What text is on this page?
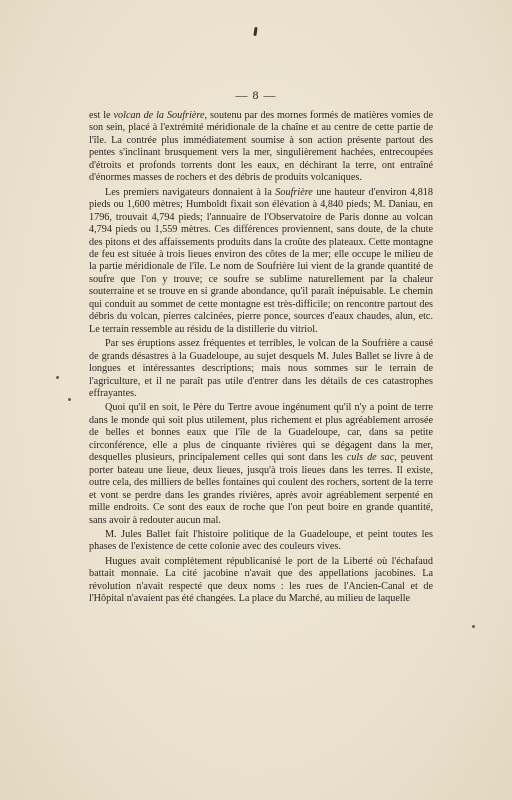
— 8 —

est le volcan de la Soufrière, soutenu par des mornes formés de matières vomies de son sein, placé à l'extrémité méridionale de la chaîne et au centre de cette partie de l'île. La contrée plus immédiatement soumise à son action présente partout des pentes s'inclinant brusquement vers la mer, singulièrement hachées, entrecoupées d'étroits et profonds torrents dont les eaux, en déchirant la terre, ont entraîné d'énormes masses de rochers et des débris de produits volcaniques.

Les premiers navigateurs donnaient à la Soufrière une hauteur d'environ 4,818 pieds ou 1,600 mètres; Humboldt fixait son élévation à 4,840 pieds; M. Daniau, en 1796, trouvait 4,794 pieds; l'annuaire de l'Observatoire de Paris donne au volcan 4,794 pieds ou 1,559 mètres. Ces différences proviennent, sans doute, de la chute des pitons et des affaissements produits dans la croûte des plateaux. Cette montagne de feu est située à trois lieues environ des côtes de la mer; elle occupe le milieu de la partie méridionale de l'île. Le nom de Soufrière lui vient de la grande quantité de soufre que l'on y trouve; ce soufre se sublime naturellement par la chaleur souterraine et se trouve en si grande abondance, qu'il paraît inépuisable. Le chemin qui conduit au sommet de cette montagne est très-difficile; on rencontre partout des débris du volcan, pierres calcinées, pierre ponce, sources d'eaux chaudes, alun, etc. Le terrain ressemble au résidu de la distillerie du vitriol.

Par ses éruptions assez fréquentes et terribles, le volcan de la Soufrière a causé de grands désastres à la Guadeloupe, au sujet desquels M. Jules Ballet se livre à de longues et intéressantes descriptions; mais nous sommes sur le terrain de l'agriculture, et il ne paraît pas utile d'entrer dans les détails de ces catastrophes effrayantes.

Quoi qu'il en soit, le Père du Tertre avoue ingénument qu'il n'y a point de terre dans le monde qui soit plus utilement, plus richement et plus agréablement arrosée de belles et bonnes eaux que l'île de la Guadeloupe, car, dans sa petite circonférence, elle a plus de cinquante rivières qui se dégagent dans la mer, desquelles plusieurs, principalement celles qui sont dans les culs de sac, peuvent porter bateau une lieue, deux lieues, jusqu'à trois lieues dans les terres. Il existe, outre cela, des milliers de belles fontaines qui coulent des rochers, sortent de la terre et vont se perdre dans les grandes rivières, après avoir agréablement serpenté en mille endroits. Ce sont des eaux de roche que l'on peut boire en grande quantité, sans avoir à redouter aucun mal.

M. Jules Ballet fait l'histoire politique de la Guadeloupe, et peint toutes les phases de l'existence de cette colonie avec des couleurs vives.

Hugues avait complètement républicanisé le port de la Liberté où l'échafaud battait monnaie. La cité jacobine n'avait que des appellations jacobines. La révolution n'avait respecté que deux noms : les rues de l'Ancien-Canal et de l'Hôpital n'avaient pas été changées. La place du Marché, au milieu de laquelle
